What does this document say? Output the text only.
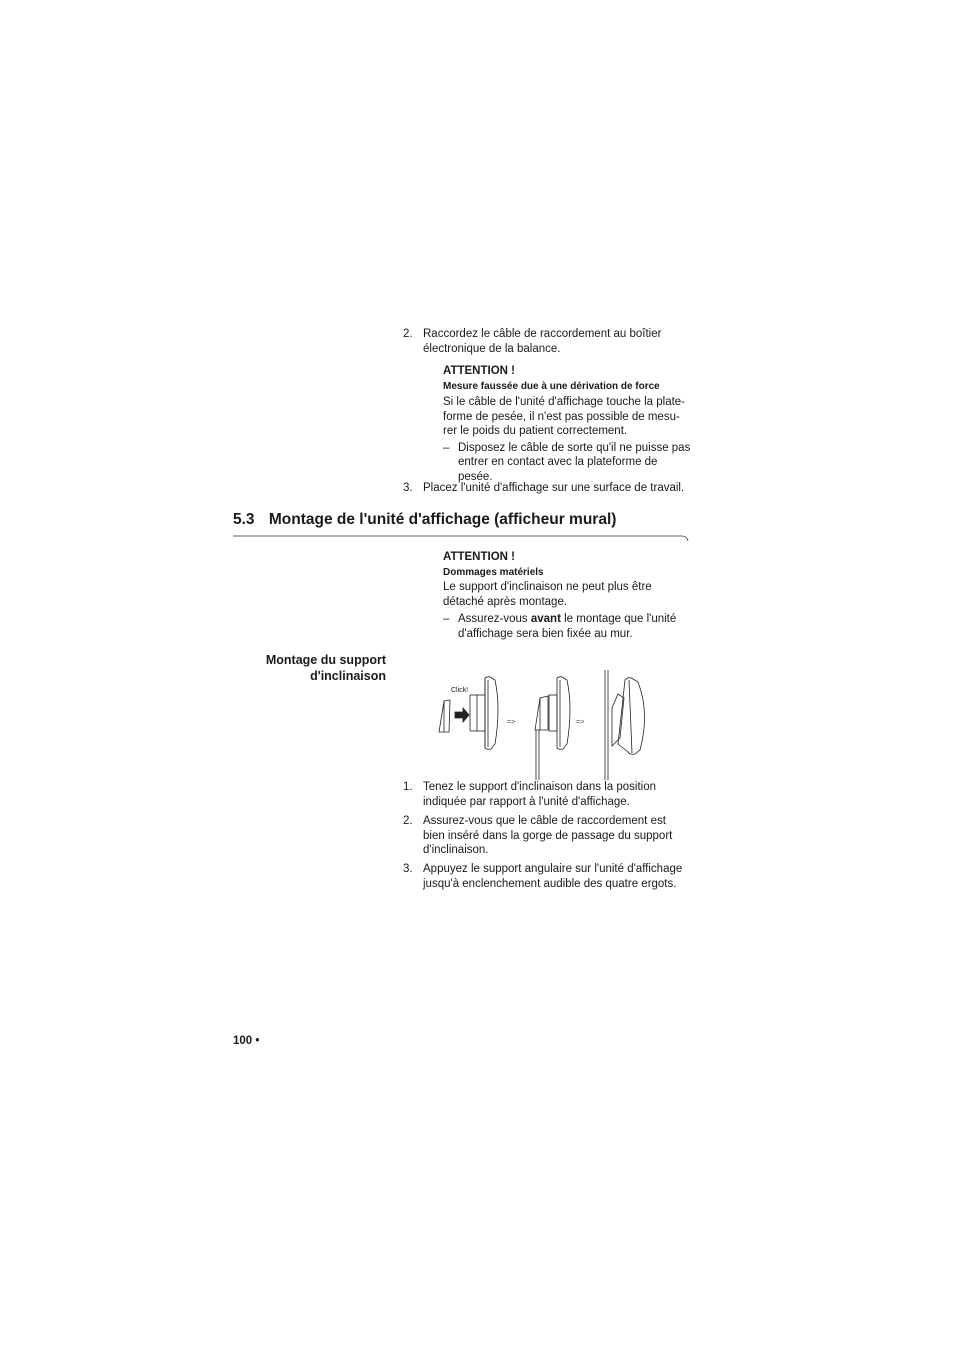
2. Raccordez le câble de raccordement au boîtier
électronique de la balance.
ATTENTION !
Mesure faussée due à une dérivation de force
Si le câble de l'unité d'affichage touche la plate-
forme de pesée, il n'est pas possible de mesu-
rer le poids du patient correctement.
– Disposez le câble de sorte qu'il ne puisse pas
entrer en contact avec la plateforme de
pesée.
3. Placez l'unité d'affichage sur une surface de travail.
5.3 Montage de l'unité d'affichage (afficheur mural)
ATTENTION !
Dommages matériels
Le support d'inclinaison ne peut plus être
détaché après montage.
– Assurez-vous avant le montage que l'unité
d'affichage sera bien fixée au mur.
Montage du support
d'inclinaison
Click!
=>	=>
1. Tenez le support d'inclinaison dans la position
indiquée par rapport à l'unité d'affichage.
2. Assurez-vous que le câble de raccordement est
bien inséré dans la gorge de passage du support
d'inclinaison.
3. Appuyez le support angulaire sur l'unité d'affichage
jusqu'à enclenchement audible des quatre ergots.
100 •
